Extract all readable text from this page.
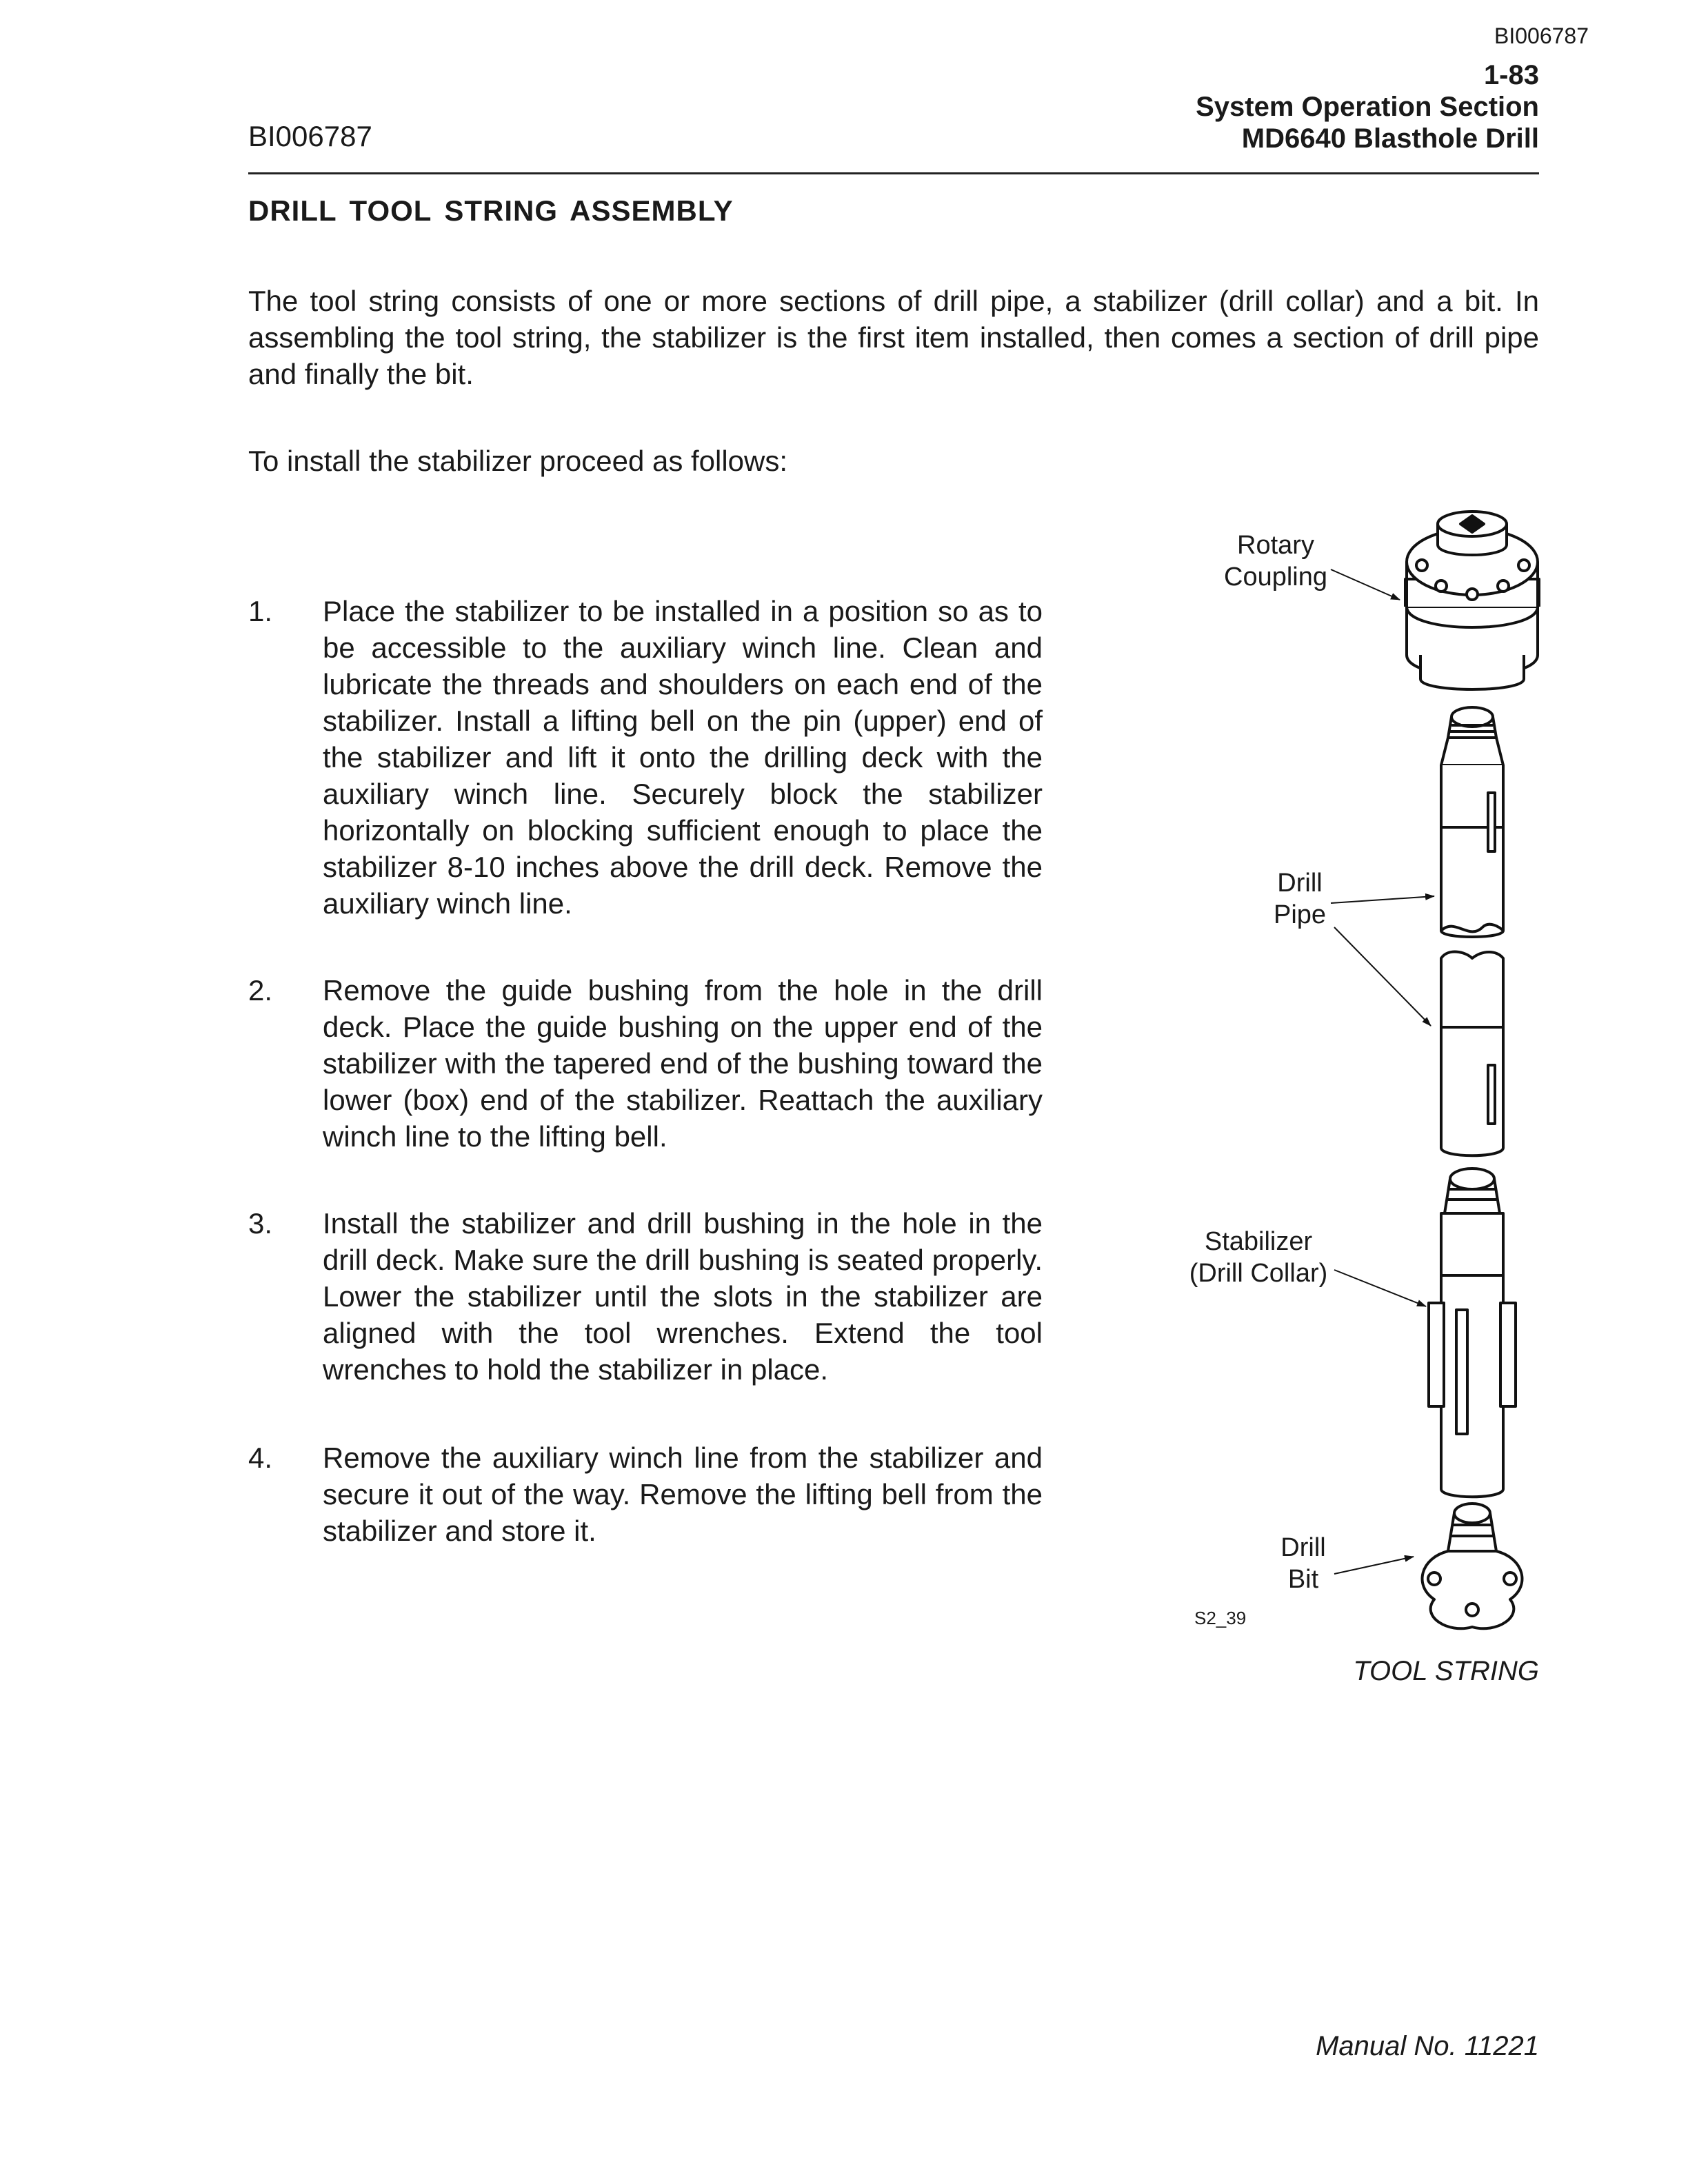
BI006787
1-83
System Operation Section
MD6640 Blasthole Drill
BI006787
DRILL TOOL STRING ASSEMBLY

The tool string consists of one or more sections of drill pipe, a stabilizer (drill collar) and a bit. In assembling the tool string, the stabilizer is the first item installed, then comes a section of drill pipe and finally the bit.

To install the stabilizer proceed as follows:
1. Place the stabilizer to be installed in a position so as to be accessible to the auxiliary winch line. Clean and lubricate the threads and shoulders on each end of the stabilizer. Install a lifting bell on the pin (upper) end of the stabilizer and lift it onto the drilling deck with the auxiliary winch line. Securely block the stabilizer horizontally on blocking sufficient enough to place the stabilizer 8-10 inches above the drill deck. Remove the auxiliary winch line.
2. Remove the guide bushing from the hole in the drill deck. Place the guide bushing on the upper end of the stabilizer with the tapered end of the bushing toward the lower (box) end of the stabilizer. Reattach the auxiliary winch line to the lifting bell.
3. Install the stabilizer and drill bushing in the hole in the drill deck. Make sure the drill bushing is seated properly. Lower the stabilizer until the slots in the stabilizer are aligned with the tool wrenches. Extend the tool wrenches to hold the stabilizer in place.
4. Remove the auxiliary winch line from the stabilizer and secure it out of the way. Remove the lifting bell from the stabilizer and store it.
Rotary
Coupling
Drill
Pipe
Stabilizer
(Drill Collar)
Drill
Bit
S2_39
TOOL STRING
Manual No. 11221
